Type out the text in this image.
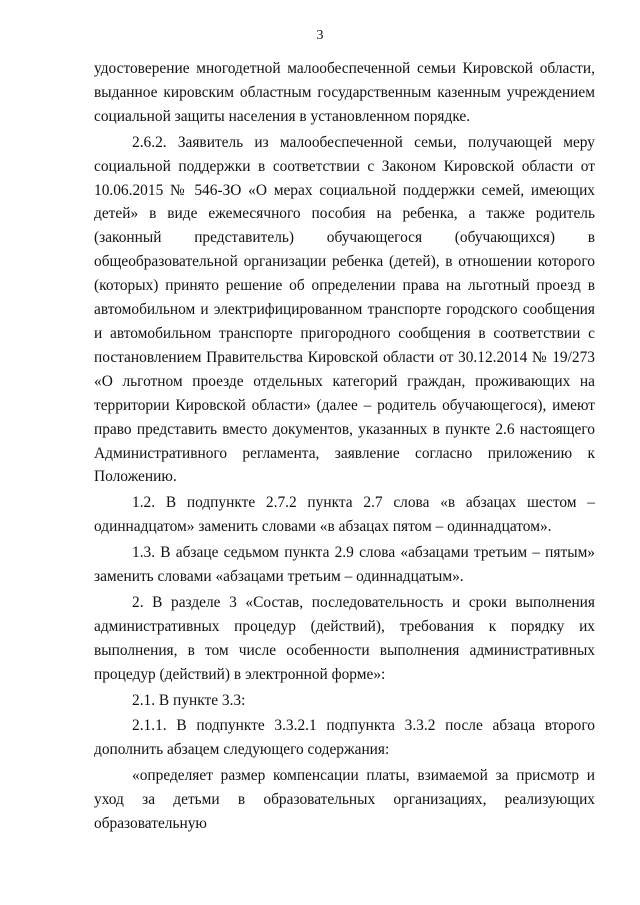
3

удостоверение многодетной малообеспеченной семьи Кировской области, выданное кировским областным государственным казенным учреждением социальной защиты населения в установленном порядке.

2.6.2. Заявитель из малообеспеченной семьи, получающей меру социальной поддержки в соответствии с Законом Кировской области от 10.06.2015 № 546-ЗО «О мерах социальной поддержки семей, имеющих детей» в виде ежемесячного пособия на ребенка, а также родитель (законный представитель) обучающегося (обучающихся) в общеобразовательной организации ребенка (детей), в отношении которого (которых) принято решение об определении права на льготный проезд в автомобильном и электрифицированном транспорте городского сообщения и автомобильном транспорте пригородного сообщения в соответствии с постановлением Правительства Кировской области от 30.12.2014 № 19/273 «О льготном проезде отдельных категорий граждан, проживающих на территории Кировской области» (далее – родитель обучающегося), имеют право представить вместо документов, указанных в пункте 2.6 настоящего Административного регламента, заявление согласно приложению к Положению.

1.2. В подпункте 2.7.2 пункта 2.7 слова «в абзацах шестом – одиннадцатом» заменить словами «в абзацах пятом – одиннадцатом».

1.3. В абзаце седьмом пункта 2.9 слова «абзацами третьим – пятым» заменить словами «абзацами третьим – одиннадцатым».

2. В разделе 3 «Состав, последовательность и сроки выполнения административных процедур (действий), требования к порядку их выполнения, в том числе особенности выполнения административных процедур (действий) в электронной форме»:

2.1. В пункте 3.3:

2.1.1. В подпункте 3.3.2.1 подпункта 3.3.2 после абзаца второго дополнить абзацем следующего содержания:

«определяет размер компенсации платы, взимаемой за присмотр и уход за детьми в образовательных организациях, реализующих образовательную
